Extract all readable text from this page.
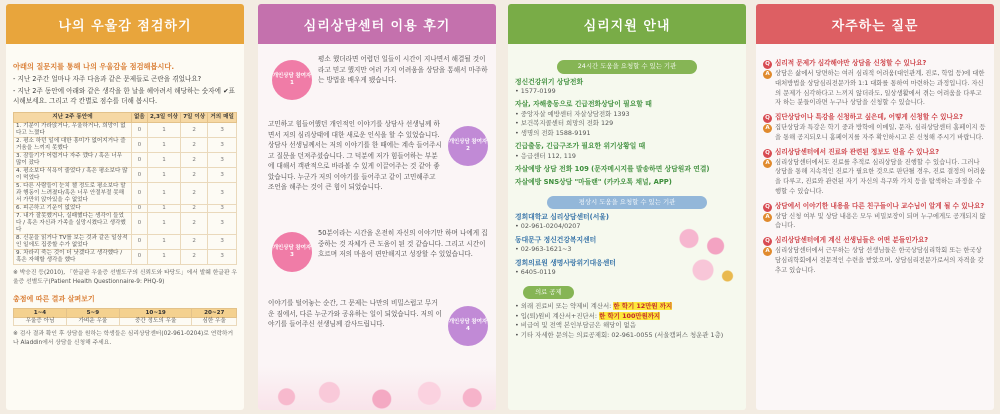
나의 우울감 점검하기
아래의 질문지를 통해 나의 우울감을 점검해봅시다.
- 지난 2주간 얼마나 자주 다음과 같은 문제들로 곤란을 겪었나요?
- 지난 2주 동안에 아래와 같은 생각을 한 날을 헤아려서 해당하는 숫자에 ✔표시해보세요. 그리고 각 칸별로 점수를 더해 봅시다.
지난 2주 동안에	없음	2,3일 이상	7일 이상	거의 매일
1. 기분이 가라앉거나, 우울하거나, 희망이 없다고 느꼈다	0	1	2	3
2. 평소 하던 일에 대한 흥미가 없어지거나 즐거움을 느끼지 못했다	0	1	2	3
3. 잠들기가 어렵거나 자주 깼다 / 혹은 너무 많이 잤다	0	1	2	3
4. 평소보다 식욕이 줄었다 / 혹은 평소보다 많이 먹었다	0	1	2	3
5. 다른 사람들이 눈치 챌 정도로 평소보다 말과 행동이 느려졌다/혹은 너무 안절부절 못해서 가만히 앉아있을 수 없었다	0	1	2	3
6. 피곤하고 기운이 없었다	0	1	2	3
7. 내가 잘못했거나, 실패했다는 생각이 들었다 / 혹은 자신과 가족을 실망시켰다고 생각했다	0	1	2	3
8. 신문을 읽거나 TV를 보는 것과 같은 일상적인 일에도 집중할 수가 없었다	0	1	2	3
9. 차라리 죽는 것이 더 낫겠다고 생각했다 / 혹은 자해할 생각을 했다	0	1	2	3
※ 박승진 등(2010), 「한글판 우울증 선별도구의 신뢰도와 타당도」에서 발췌 한글판 우울증 선별도구(Patient Health Questionnaire-9: PHQ-9)
총점에 따른 결과 살펴보기
1~4	5~9	10~19	20~27
우울증 아님	가벼운 우울	중간 정도의 우울	심한 우울
※ 검사 결과 확인 후 상담을 원하는 학생들은 심리상담센터(02-961-0204)로 연락하거나 Aladdin에서 상담을 신청해 주세요.
심리상담센터 이용 후기
개인상담 참여자 1
평소 했더라면 어렵던 일들이 시간이 지나면서 해결될 것이라고 믿고 했지만 여러 가지 어려움을 상담을 통해서 마주하는 방법을 배우게 됐습니다.
고민하고 힘들어했던 개인적인 이야기를 상담사 선생님께 하면서 저의 심리상태에 대한 새로운 인식을 할 수 있었습니다. 상담사 선생님께서는 저의 이야기를 한 때에는 계속 들어주시고 질문을 던져주셨습니다. 그 덕분에 저가 힘들어하는 부분에 대해서 객관적으로 바라볼 수 있게 이끌어주는 것 같아 좋았습니다. 누군가 저의 이야기를 들어주고 같이 고민해주고 조언을 해주는 것이 큰 힘이 되었습니다.
개인상담 참여자 2
개인상담 참여자 3
50분이라는 시간을 온전히 자신의 이야기만 하며 나에게 집중하는 것 자체가 큰 도움이 된 것 같습니다. 그리고 시간이 흐르며 저의 마음이 편안해지고 성장할 수 있었습니다.
이야기를 털어놓는 순간, 그 문제는 나만의 비밀스럽고 무거운 짐에서, 다른 누군가와 공유하는 일이 되었습니다. 저의 이야기를 들어주신 선생님께 감사드립니다.	개인상담 참여자 4
심리지원 안내
24시간 도움을 요청할 수 있는 기관
정신건강위기 상담전화
• 1577-0199
자살, 자해충동으로 긴급전화상담이 필요할 때
• 중앙자살 예방센터 자살상담전화 1393
• 보건복지콜센터 희망의 전화 129
• 생명의 전화 1588-9191
긴급출동, 긴급구조가 필요한 위기상황일 때
• 응급센터 112, 119
자살예방 상담 전화 109 (문자메시지를 발송하면 상담원과 연결)
자살예방 SNS상담 "마들랜" (카카오톡 채널, APP)
평상시 도움을 요청할 수 있는 기관
경희대학교 심리상담센터(서울)
• 02-961-0204/0207
동대문구 정신건강복지센터
• 02-963-1621~3
경희의료원 생명사랑위기대응센터
• 6405-0119
의료 공제
• 외래 진료비 또는 약제비 계산서: 한 학기 12만원 까지
• 입(퇴)원비 계산서+진단서: 한 학기 100만원까지
• 비급여 및 전액 본인부담금은 해당이 없음
• 기타 자세한 문의는 의료공제회: 02-961-0055 (서울캠퍼스 청운관 1층)
자주하는 질문
Q 심리적 문제가 심각해야만 상담을 신청할 수 있나요?
A 상담은 삶에서 당면하는 여러 심리적 어려움(대인관계, 진로, 학업 등)에 대한 대처방법을 상담심리전문가와 1:1 대화를 통하여 마련하는 과정입니다. 자신의 문제가 심각하다고 느끼지 않더라도, 일상생활에서 겪는 어려움을 다루고자 하는 분들이라면 누구나 상담을 신청할 수 있습니다.
Q 집단상담이나 특강을 신청하고 싶은데, 어떻게 신청할 수 있나요?
A 집단상담과 특강은 학기 중과 방학에 이메일, 문자, 심리상담센터 홈페이지 등을 통해 공지되오니 홈페이지를 자주 확인하시고 본 신청해 주시기 바랍니다.
Q 심리상담센터에서 진료와 관련된 정보도 얻을 수 있나요?
A 심리상담센터에서도 진료를 추적로 심리상담을 진행할 수 있습니다. 그러나 상담을 통해 지속적인 진료가 필요한 것으로 판단될 경우, 진료 결정의 어려움을 다루고, 진료와 관련된 자기 자신의 욕구와 가치 등을 탐색하는 과정을 수행할 수 있습니다.
Q 상담에서 이야기한 내용을 다른 친구들이나 교수님이 알게 될 수 있나요?
A 상담 신청 여부 및 상담 내용은 모두 비밀보장이 되며 누구에게도 공개되지 않습니다.
Q 심리상담센터에게 계신 선생님들은 어떤 분들인가요?
A 심리상담센터에서 근무하는 상담 선생님들은 한국상담심리학회 또는 한국상담심리학회에서 전문적인 수련을 받았으며, 상담심리전문가로서의 자격을 갖추고 있습니다.
